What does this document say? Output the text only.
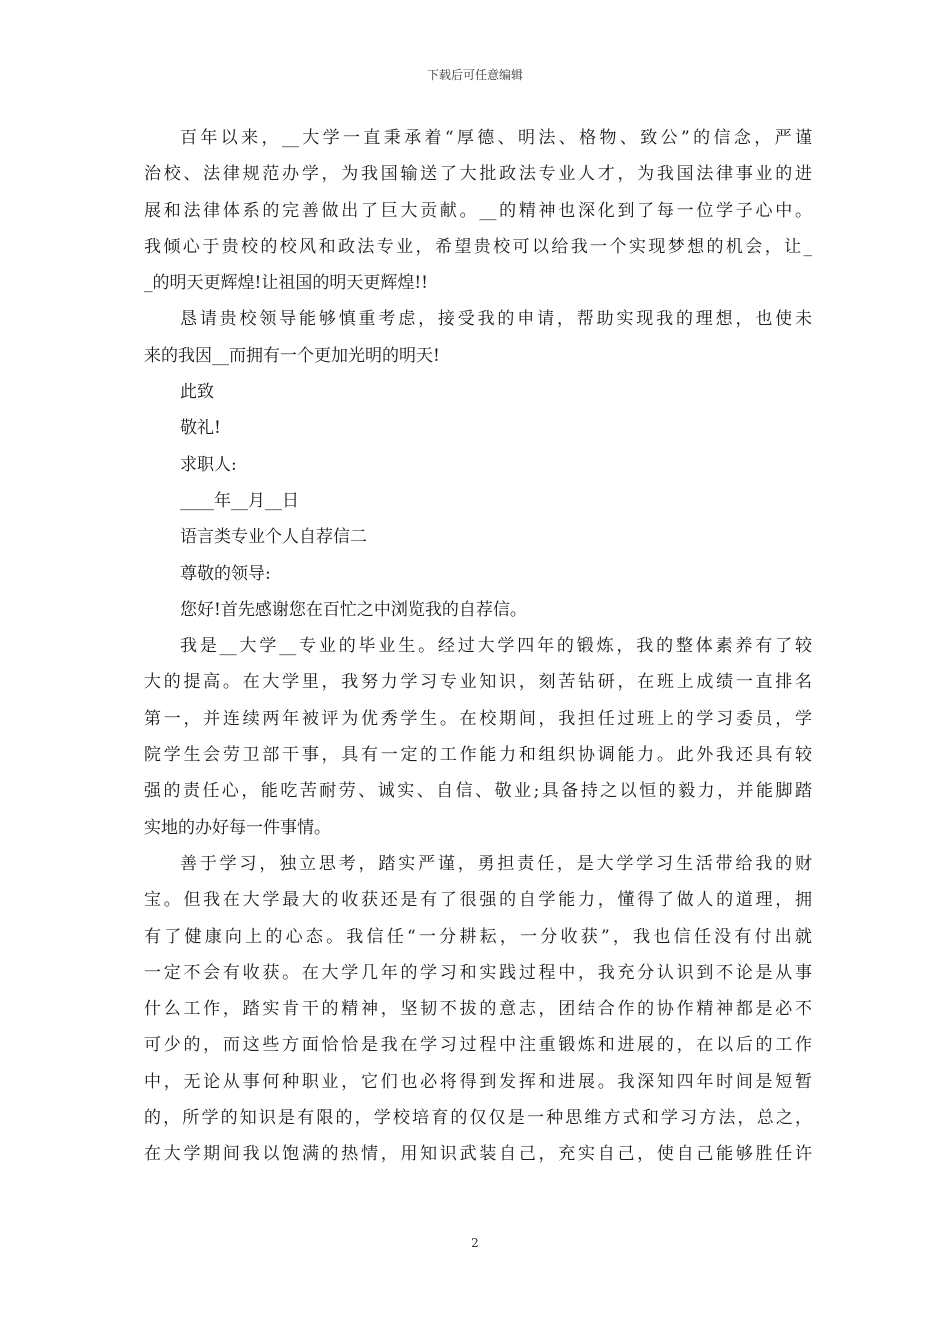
下载后可任意编辑
百年以来，__大学一直秉承着“厚德、明法、格物、致公”的信念，严谨
治校、法律规范办学，为我国输送了大批政法专业人才，为我国法律事业的进
展和法律体系的完善做出了巨大贡献。__的精神也深化到了每一位学子心中。
我倾心于贵校的校风和政法专业，希望贵校可以给我一个实现梦想的机会，让_
_的明天更辉煌!让祖国的明天更辉煌!!
恳请贵校领导能够慎重考虑，接受我的申请，帮助实现我的理想，也使未
来的我因__而拥有一个更加光明的明天!
此致
敬礼!
求职人:
____年__月__日
语言类专业个人自荐信二
尊敬的领导:
您好!首先感谢您在百忙之中浏览我的自荐信。
我是__大学__专业的毕业生。经过大学四年的锻炼，我的整体素养有了较
大的提高。在大学里，我努力学习专业知识，刻苦钻研，在班上成绩一直排名
第一，并连续两年被评为优秀学生。在校期间，我担任过班上的学习委员，学
院学生会劳卫部干事，具有一定的工作能力和组织协调能力。此外我还具有较
强的责任心，能吃苦耐劳、诚实、自信、敬业;具备持之以恒的毅力，并能脚踏
实地的办好每一件事情。
善于学习，独立思考，踏实严谨，勇担责任，是大学学习生活带给我的财
宝。但我在大学最大的收获还是有了很强的自学能力，懂得了做人的道理，拥
有了健康向上的心态。我信任“一分耕耘，一分收获”，我也信任没有付出就
一定不会有收获。在大学几年的学习和实践过程中，我充分认识到不论是从事
什么工作，踏实肯干的精神，坚韧不拔的意志，团结合作的协作精神都是必不
可少的，而这些方面恰恰是我在学习过程中注重锻炼和进展的，在以后的工作
中，无论从事何种职业，它们也必将得到发挥和进展。我深知四年时间是短暂
的，所学的知识是有限的，学校培育的仅仅是一种思维方式和学习方法，总之，
在大学期间我以饱满的热情，用知识武装自己，充实自己，使自己能够胜任许
2
